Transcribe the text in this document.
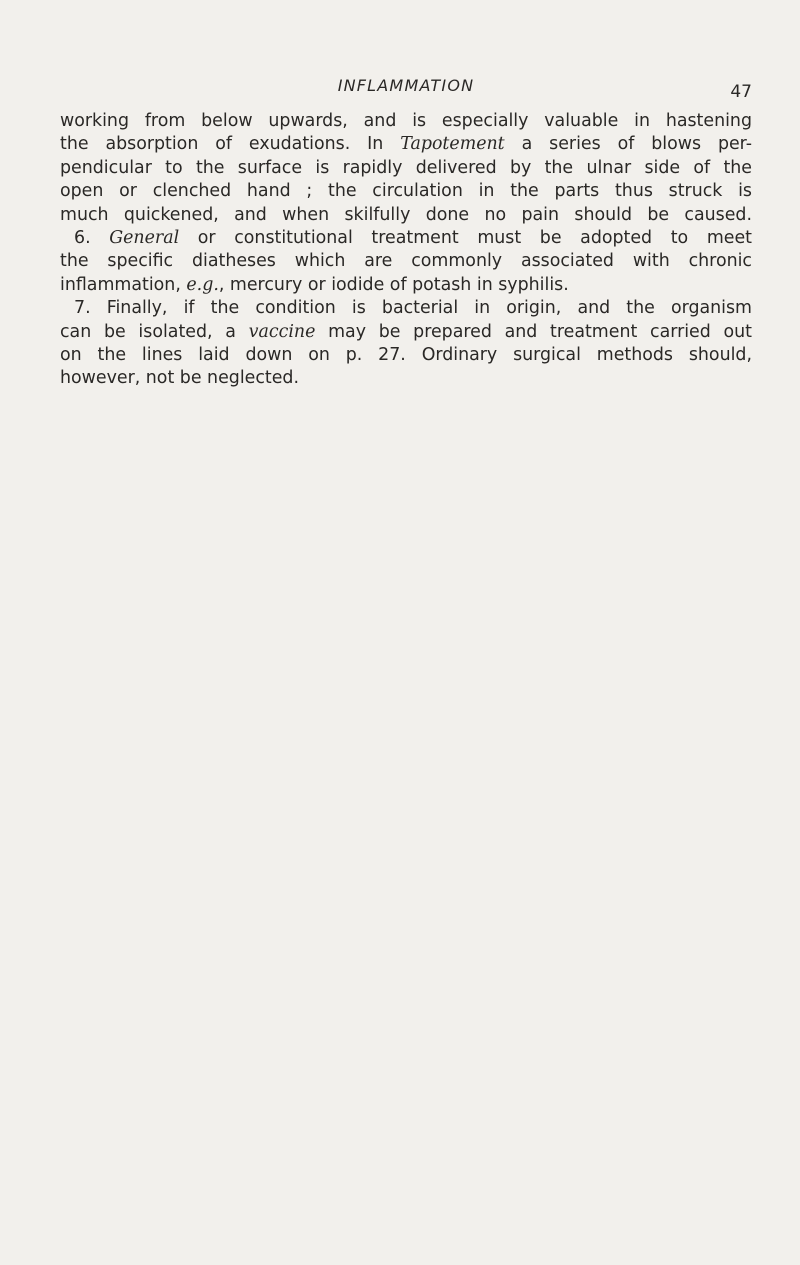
INFLAMMATION	47
working from below upwards, and is especially valuable in hastening
the absorption of exudations. In Tapotement a series of blows per-
pendicular to the surface is rapidly delivered by the ulnar side of the
open or clenched hand ; the circulation in the parts thus struck is
much quickened, and when skilfully done no pain should be caused.
6. General or constitutional treatment must be adopted to meet
the specific diatheses which are commonly associated with chronic
inflammation, e.g., mercury or iodide of potash in syphilis.
7. Finally, if the condition is bacterial in origin, and the organism
can be isolated, a vaccine may be prepared and treatment carried out
on the lines laid down on p. 27. Ordinary surgical methods should,
however, not be neglected.
